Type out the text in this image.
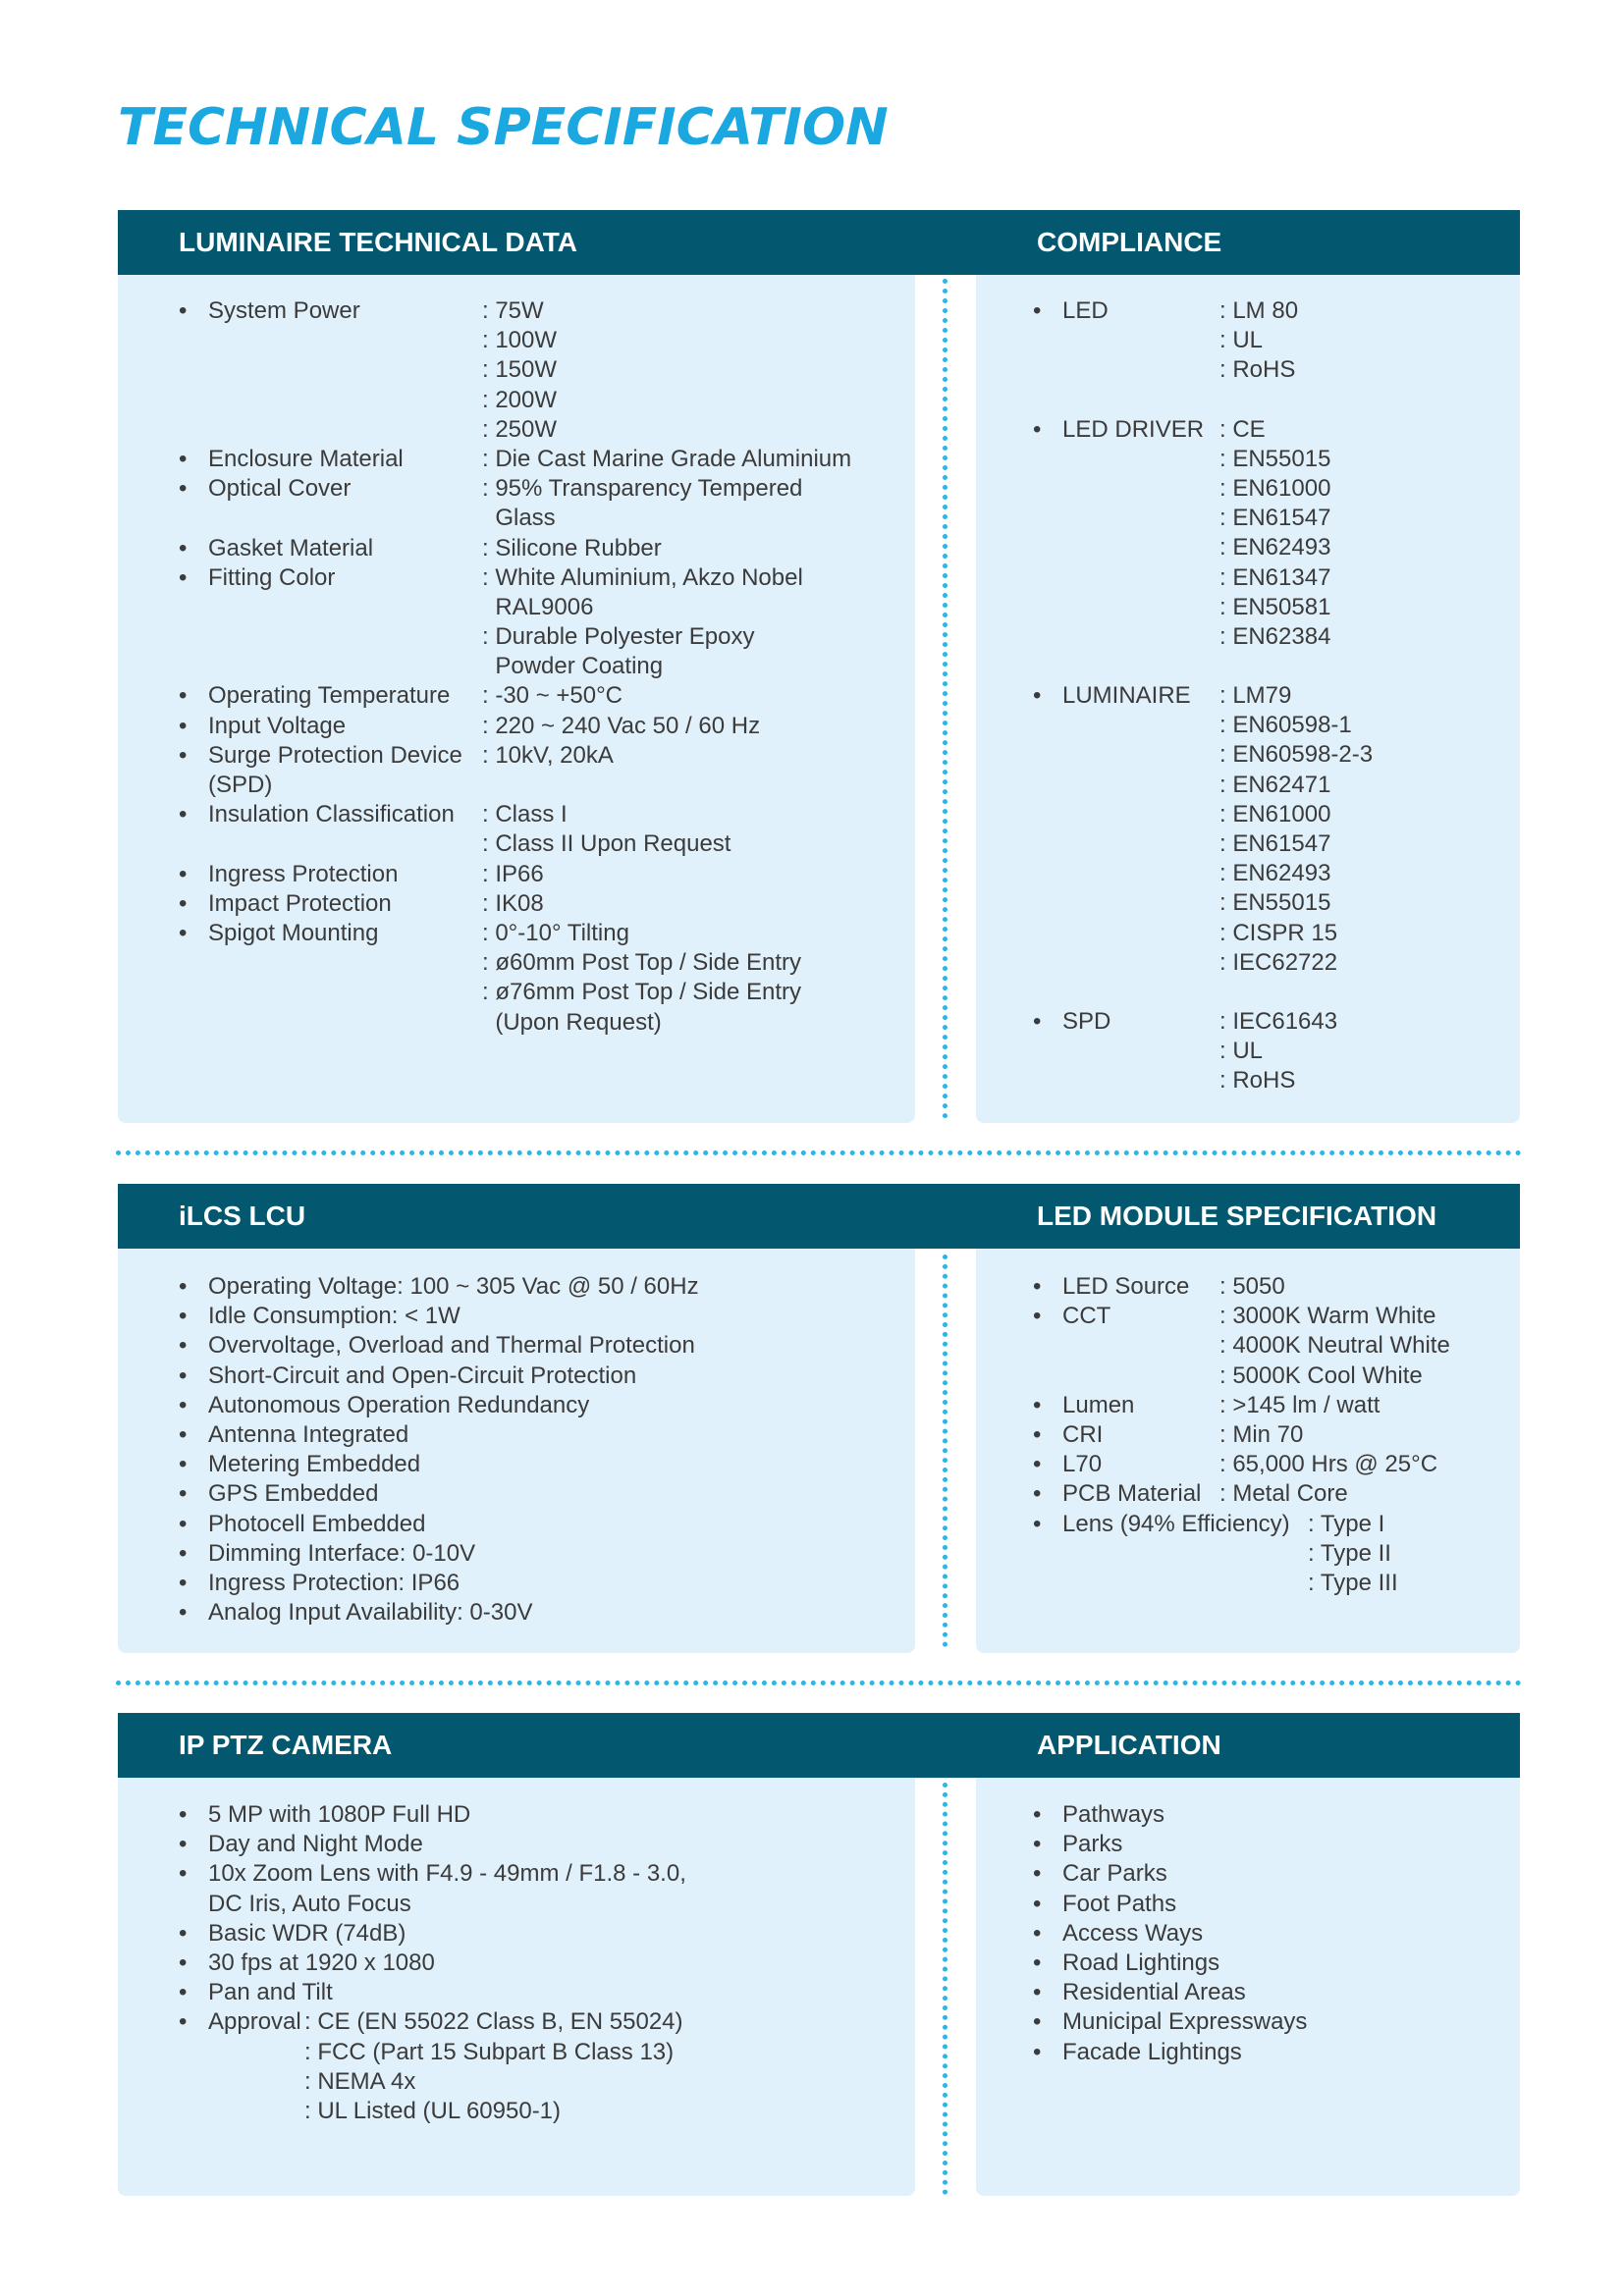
TECHNICAL SPECIFICATION
LUMINAIRE TECHNICAL DATA	COMPLIANCE
• System Power	: 75W
: 100W
: 150W
: 200W
: 250W
• Enclosure Material	: Die Cast Marine Grade Aluminium
• Optical Cover	: 95% Transparency Tempered
Glass
• Gasket Material	: Silicone Rubber
• Fitting Color	: White Aluminium, Akzo Nobel
RAL9006
: Durable Polyester Epoxy
Powder Coating
• Operating Temperature : -30 ~ +50°C
• Input Voltage	: 220 ~ 240 Vac 50 / 60 Hz
• Surge Protection Device : 10kV, 20kA
(SPD)
• Insulation Classification : Class I
: Class II Upon Request
• Ingress Protection	: IP66
• Impact Protection	: IK08
• Spigot Mounting	: 0°-10° Tilting
: ø60mm Post Top / Side Entry
: ø76mm Post Top / Side Entry
(Upon Request)
• LED	: LM 80
: UL
: RoHS
• LED DRIVER : CE
: EN55015
: EN61000
: EN61547
: EN62493
: EN61347
: EN50581
: EN62384
• LUMINAIRE : LM79
: EN60598-1
: EN60598-2-3
: EN62471
: EN61000
: EN61547
: EN62493
: EN55015
: CISPR 15
: IEC62722
• SPD	: IEC61643
: UL
: RoHS
iLCS LCU	LED MODULE SPECIFICATION
• Operating Voltage: 100 ~ 305 Vac @ 50 / 60Hz
• Idle Consumption: < 1W
• Overvoltage, Overload and Thermal Protection
• Short-Circuit and Open-Circuit Protection
• Autonomous Operation Redundancy
• Antenna Integrated
• Metering Embedded
• GPS Embedded
• Photocell Embedded
• Dimming Interface: 0-10V
• Ingress Protection: IP66
• Analog Input Availability: 0-30V
• LED Source : 5050
• CCT	: 3000K Warm White
: 4000K Neutral White
: 5000K Cool White
• Lumen	: >145 lm / watt
• CRI	: Min 70
• L70	: 65,000 Hrs @ 25°C
• PCB Material : Metal Core
• Lens (94% Efficiency) : Type I
: Type II
: Type III
IP PTZ CAMERA	APPLICATION
• 5 MP with 1080P Full HD
• Day and Night Mode
• 10x Zoom Lens with F4.9 - 49mm / F1.8 - 3.0,
DC Iris, Auto Focus
• Basic WDR (74dB)
• 30 fps at 1920 x 1080
• Pan and Tilt
• Approval : CE (EN 55022 Class B, EN 55024)
: FCC (Part 15 Subpart B Class 13)
: NEMA 4x
: UL Listed (UL 60950-1)
• Pathways
• Parks
• Car Parks
• Foot Paths
• Access Ways
• Road Lightings
• Residential Areas
• Municipal Expressways
• Facade Lightings
